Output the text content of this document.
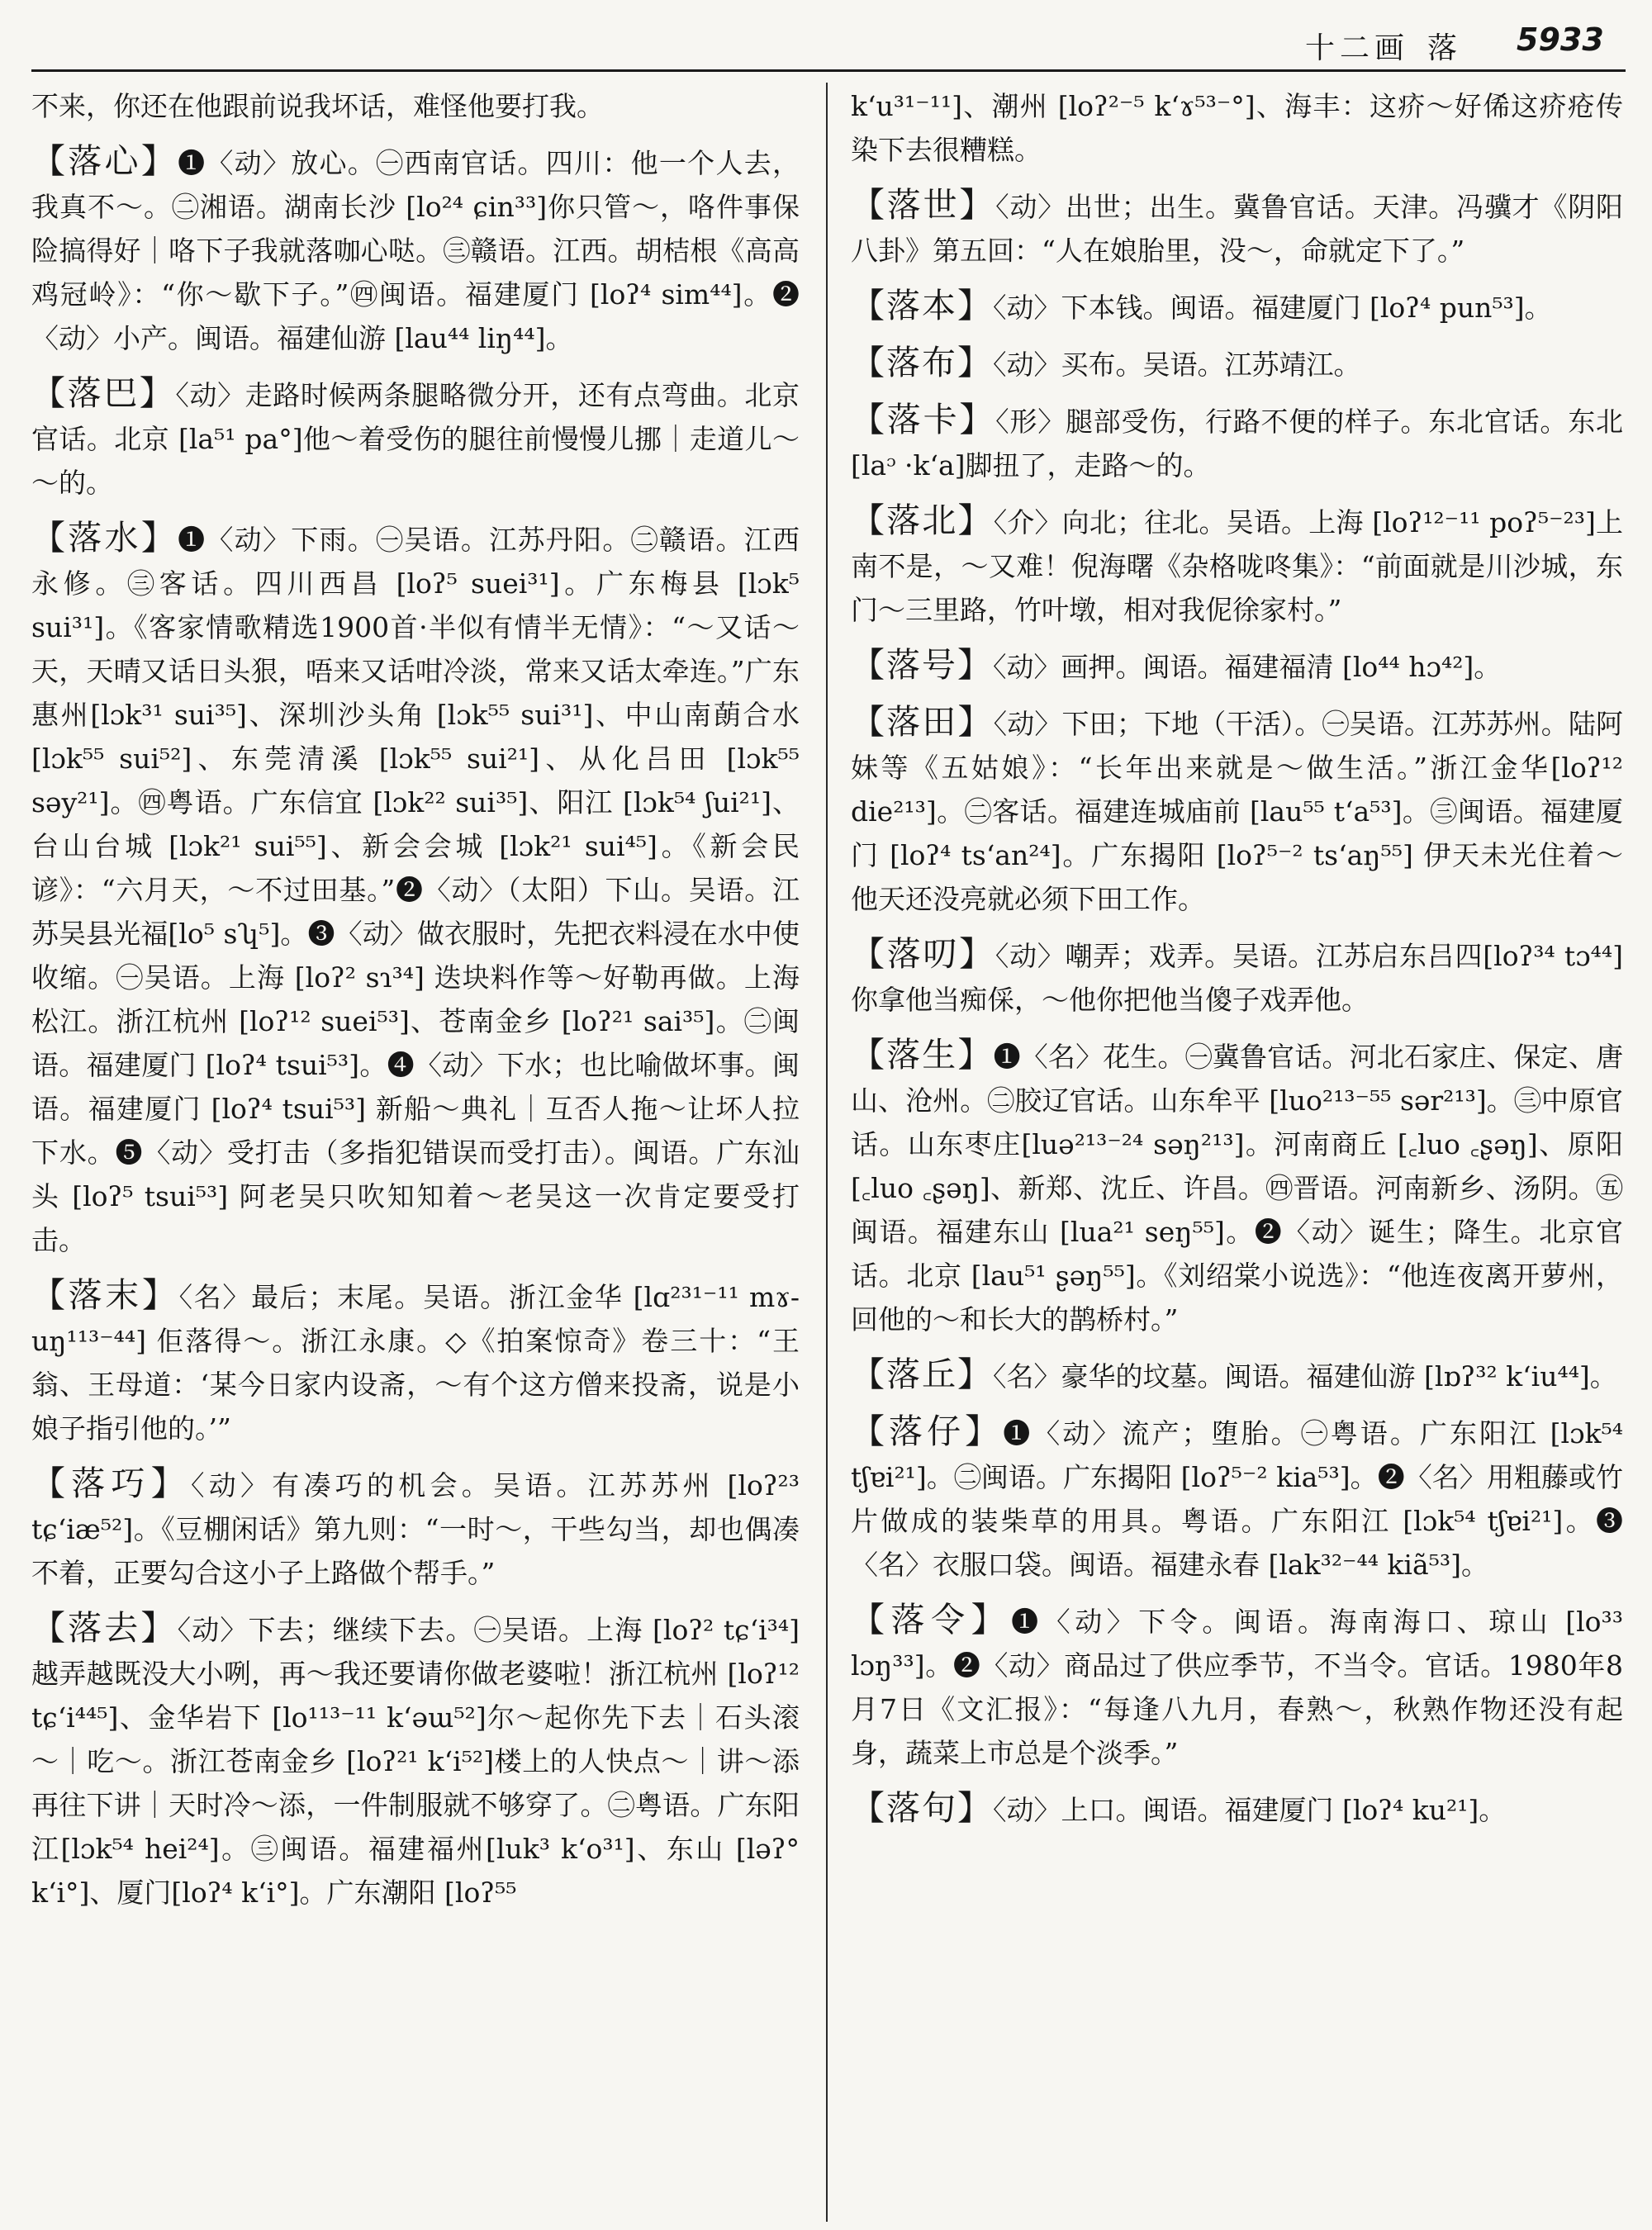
十二画 落 5933

不来，你还在他跟前说我坏话，难怪他要打我。

【落心】❶〈动〉放心。㊀西南官话。四川：他一个人去，我真不～。㊁湘语。湖南长沙 [lo²⁴ ɕin³³]你只管～，咯件事保险搞得好｜咯下子我就落咖心哒。㊂赣语。江西。胡桔根《高高鸡冠岭》：“你～歇下子。”㊃闽语。福建厦门 [loʔ⁴ sim⁴⁴]。❷〈动〉小产。闽语。福建仙游 [lau⁴⁴ liŋ⁴⁴]。
【落巴】〈动〉走路时候两条腿略微分开，还有点弯曲。北京官话。北京 [la⁵¹ pa°]他～着受伤的腿往前慢慢儿挪｜走道儿～～的。
【落水】❶〈动〉下雨。㊀吴语。江苏丹阳。㊁赣语。江西永修。㊂客话。四川西昌 [loʔ⁵ suei³¹]。广东梅县 [lɔk⁵ sui³¹]。《客家情歌精选1900首·半似有情半无情》：“～又话～天，天晴又话日头狠，唔来又话咁冷淡，常来又话太牵连。”广东惠州[lɔk³¹ sui³⁵]、深圳沙头角 [lɔk⁵⁵ sui³¹]、中山南蓢合水 [lɔk⁵⁵ sui⁵²]、东莞清溪 [lɔk⁵⁵ sui²¹]、从化吕田 [lɔk⁵⁵ səy²¹]。㊃粤语。广东信宜 [lɔk²² sui³⁵]、阳江 [lɔk⁵⁴ ʃui²¹]、台山台城 [lɔk²¹ sui⁵⁵]、新会会城 [lɔk²¹ sui⁴⁵]。《新会民谚》：“六月天，～不过田基。”❷〈动〉（太阳）下山。吴语。江苏吴县光福[lo⁵ sʮ⁵]。❸〈动〉做衣服时，先把衣料浸在水中使收缩。㊀吴语。上海 [loʔ² sɿ³⁴] 迭块料作等～好勒再做。上海松江。浙江杭州 [loʔ¹² suei⁵³]、苍南金乡 [loʔ²¹ sai³⁵]。㊁闽语。福建厦门 [loʔ⁴ tsui⁵³]。❹〈动〉下水；也比喻做坏事。闽语。福建厦门 [loʔ⁴ tsui⁵³] 新船～典礼｜互否人拖～让坏人拉下水。❺〈动〉受打击（多指犯错误而受打击）。闽语。广东汕头 [loʔ⁵ tsui⁵³] 阿老吴只吹知知着～老吴这一次肯定要受打击。
【落末】〈名〉最后；末尾。吴语。浙江金华 [lɑ²³¹⁻¹¹ mɤ-uŋ¹¹³⁻⁴⁴] 佢落得～。浙江永康。◇《拍案惊奇》卷三十：“王翁、王母道：‘某今日家内设斋，～有个这方僧来投斋，说是小娘子指引他的。’”
【落巧】〈动〉有凑巧的机会。吴语。江苏苏州 [loʔ²³ tɕʻiæ⁵²]。《豆棚闲话》第九则：“一时～，干些勾当，却也偶凑不着，正要勾合这小子上路做个帮手。”
【落去】〈动〉下去；继续下去。㊀吴语。上海 [loʔ² tɕʻi³⁴] 越弄越既没大小咧，再～我还要请你做老婆啦！浙江杭州 [loʔ¹² tɕʻi⁴⁴⁵]、金华岩下 [lo¹¹³⁻¹¹ kʻəɯ⁵²]尔～起你先下去｜石头滚～｜吃～。浙江苍南金乡 [loʔ²¹ kʻi⁵²]楼上的人快点～｜讲～添再往下讲｜天时冷～添，一件制服就不够穿了。㊁粤语。广东阳江[lɔk⁵⁴ hei²⁴]。㊂闽语。福建福州[luk³ kʻo³¹]、东山 [ləʔ° kʻi°]、厦门[loʔ⁴ kʻi°]。广东潮阳 [loʔ⁵⁵

kʻu³¹⁻¹¹]、潮州 [loʔ²⁻⁵ kʻɤ⁵³⁻°]、海丰：这疥～好俙这疥疮传染下去很糟糕。

【落世】〈动〉出世；出生。冀鲁官话。天津。冯骥才《阴阳八卦》第五回：“人在娘胎里，没～，命就定下了。”
【落本】〈动〉下本钱。闽语。福建厦门 [loʔ⁴ pun⁵³]。
【落布】〈动〉买布。吴语。江苏靖江。
【落卡】〈形〉腿部受伤，行路不便的样子。东北官话。东北 [laᵓ ·kʻa]脚扭了，走路～的。
【落北】〈介〉向北；往北。吴语。上海 [loʔ¹²⁻¹¹ poʔ⁵⁻²³]上南不是，～又难！倪海曙《杂格咙咚集》：“前面就是川沙城，东门～三里路，竹叶墩，相对我伲徐家村。”
【落号】〈动〉画押。闽语。福建福清 [lo⁴⁴ hɔ⁴²]。
【落田】〈动〉下田；下地（干活）。㊀吴语。江苏苏州。陆阿妹等《五姑娘》：“长年出来就是～做生活。”浙江金华[loʔ¹² die²¹³]。㊁客话。福建连城庙前 [lau⁵⁵ tʻa⁵³]。㊂闽语。福建厦门 [loʔ⁴ tsʻan²⁴]。广东揭阳 [loʔ⁵⁻² tsʻaŋ⁵⁵] 伊天未光住着～他天还没亮就必须下田工作。
【落叨】〈动〉嘲弄；戏弄。吴语。江苏启东吕四[loʔ³⁴ tɔ⁴⁴]你拿他当痴倸，～他你把他当傻子戏弄他。
【落生】❶〈名〉花生。㊀冀鲁官话。河北石家庄、保定、唐山、沧州。㊁胶辽官话。山东牟平 [luo²¹³⁻⁵⁵ sər²¹³]。㊂中原官话。山东枣庄[luə²¹³⁻²⁴ səŋ²¹³]。河南商丘 [꜀luo ꜀ʂəŋ]、原阳 [꜀luo ꜀ʂəŋ]、新郑、沈丘、许昌。㊃晋语。河南新乡、汤阴。㊄闽语。福建东山 [lua²¹ seŋ⁵⁵]。❷〈动〉诞生；降生。北京官话。北京 [lau⁵¹ ʂəŋ⁵⁵]。《刘绍棠小说选》：“他连夜离开萝州，回他的～和长大的鹊桥村。”
【落丘】〈名〉豪华的坟墓。闽语。福建仙游 [lɒʔ³² kʻiu⁴⁴]。
【落仔】❶〈动〉流产；堕胎。㊀粤语。广东阳江 [lɔk⁵⁴ tʃɐi²¹]。㊁闽语。广东揭阳 [loʔ⁵⁻² kia⁵³]。❷〈名〉用粗藤或竹片做成的装柴草的用具。粤语。广东阳江 [lɔk⁵⁴ tʃɐi²¹]。❸〈名〉衣服口袋。闽语。福建永春 [lak³²⁻⁴⁴ kiã⁵³]。
【落令】❶〈动〉下令。闽语。海南海口、琼山 [lo³³ lɔŋ³³]。❷〈动〉商品过了供应季节，不当令。官话。1980年8月7日《文汇报》：“每逢八九月，春熟～，秋熟作物还没有起身，蔬菜上市总是个淡季。”
【落句】〈动〉上口。闽语。福建厦门 [loʔ⁴ ku²¹]。
